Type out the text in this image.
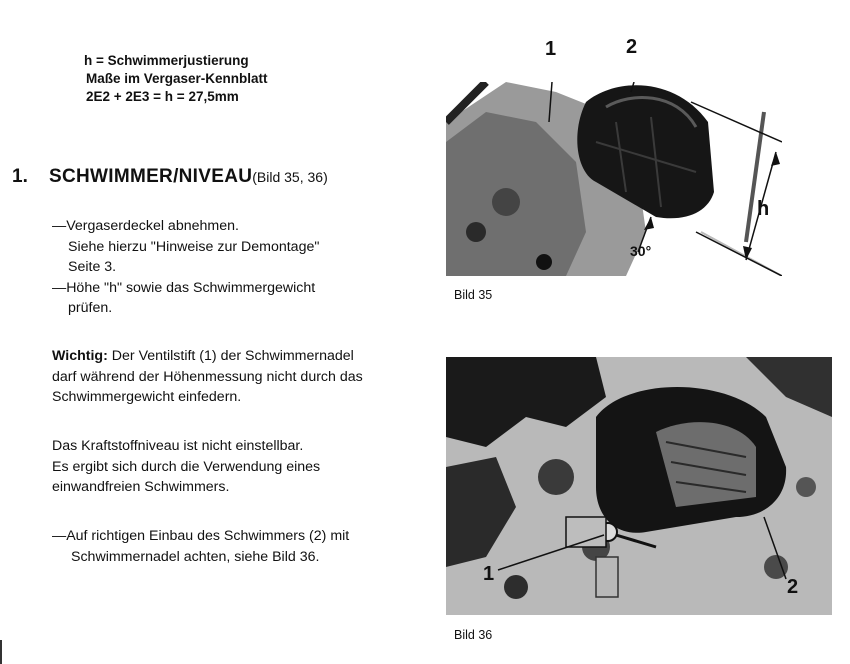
h = Schwimmerjustierung
Maße im Vergaser-Kennblatt
2E2 + 2E3 = h = 27,5mm
1. SCHWIMMER/NIVEAU(Bild 35, 36)
—Vergaserdeckel abnehmen.
Siehe hierzu "Hinweise zur Demontage"
Seite 3.
—Höhe "h" sowie das Schwimmergewicht
prüfen.
Wichtig: Der Ventilstift (1) der Schwimmernadel
darf während der Höhenmessung nicht durch das
Schwimmergewicht einfedern.
Das Kraftstoffniveau ist nicht einstellbar.
Es ergibt sich durch die Verwendung eines
einwandfreien Schwimmers.
—Auf richtigen Einbau des Schwimmers (2) mit
Schwimmernadel achten, siehe Bild 36.
1	2
h
30°
Bild 35
1
2
Bild 36
